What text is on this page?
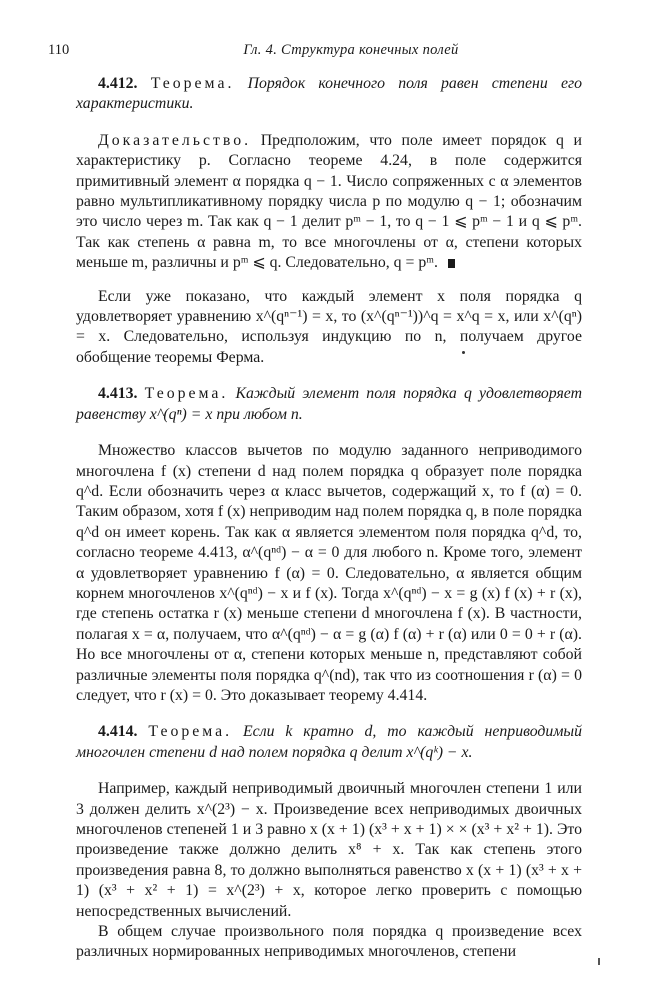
110	Гл. 4. Структура конечных полей

4.412. Теорема. Порядок конечного поля равен степени его характеристики.

Доказательство. Предположим, что поле имеет порядок q и характеристику p. Согласно теореме 4.24, в поле содержится примитивный элемент α порядка q − 1. Число сопряженных с α элементов равно мультипликативному порядку числа p по модулю q − 1; обозначим это число через m. Так как q − 1 делит pᵐ − 1, то q − 1 ⩽ pᵐ − 1 и q ⩽ pᵐ. Так как степень α равна m, то все многочлены от α, степени которых меньше m, различны и pᵐ ⩽ q. Следовательно, q = pᵐ.

Если уже показано, что каждый элемент x поля порядка q удовлетворяет уравнению x^(qⁿ⁻¹) = x, то (x^(qⁿ⁻¹))^q = x^q = x, или x^(qⁿ) = x. Следовательно, используя индукцию по n, получаем другое обобщение теоремы Ферма.

4.413. Теорема. Каждый элемент поля порядка q удовлетворяет равенству x^(qⁿ) = x при любом n.

Множество классов вычетов по модулю заданного неприводимого многочлена f (x) степени d над полем порядка q образует поле порядка q^d. Если обозначить через α класс вычетов, содержащий x, то f (α) = 0. Таким образом, хотя f (x) неприводим над полем порядка q, в поле порядка q^d он имеет корень. Так как α является элементом поля порядка q^d, то, согласно теореме 4.413, α^(qⁿᵈ) − α = 0 для любого n. Кроме того, элемент α удовлетворяет уравнению f (α) = 0. Следовательно, α является общим корнем многочленов x^(qⁿᵈ) − x и f (x). Тогда x^(qⁿᵈ) − x = g (x) f (x) + r (x), где степень остатка r (x) меньше степени d многочлена f (x). В частности, полагая x = α, получаем, что α^(qⁿᵈ) − α = g (α) f (α) + r (α) или 0 = 0 + r (α). Но все многочлены от α, степени которых меньше n, представляют собой различные элементы поля порядка q^(nd), так что из соотношения r (α) = 0 следует, что r (x) = 0. Это доказывает теорему 4.414.

4.414. Теорема. Если k кратно d, то каждый неприводимый многочлен степени d над полем порядка q делит x^(qᵏ) − x.

Например, каждый неприводимый двоичный многочлен степени 1 или 3 должен делить x^(2³) − x. Произведение всех неприводимых двоичных многочленов степеней 1 и 3 равно x (x + 1) (x³ + x + 1) × × (x³ + x² + 1). Это произведение также должно делить x⁸ + x. Так как степень этого произведения равна 8, то должно выполняться равенство x (x + 1) (x³ + x + 1) (x³ + x² + 1) = x^(2³) + x, которое легко проверить с помощью непосредственных вычислений.

В общем случае произвольного поля порядка q произведение всех различных нормированных неприводимых многочленов, степени
